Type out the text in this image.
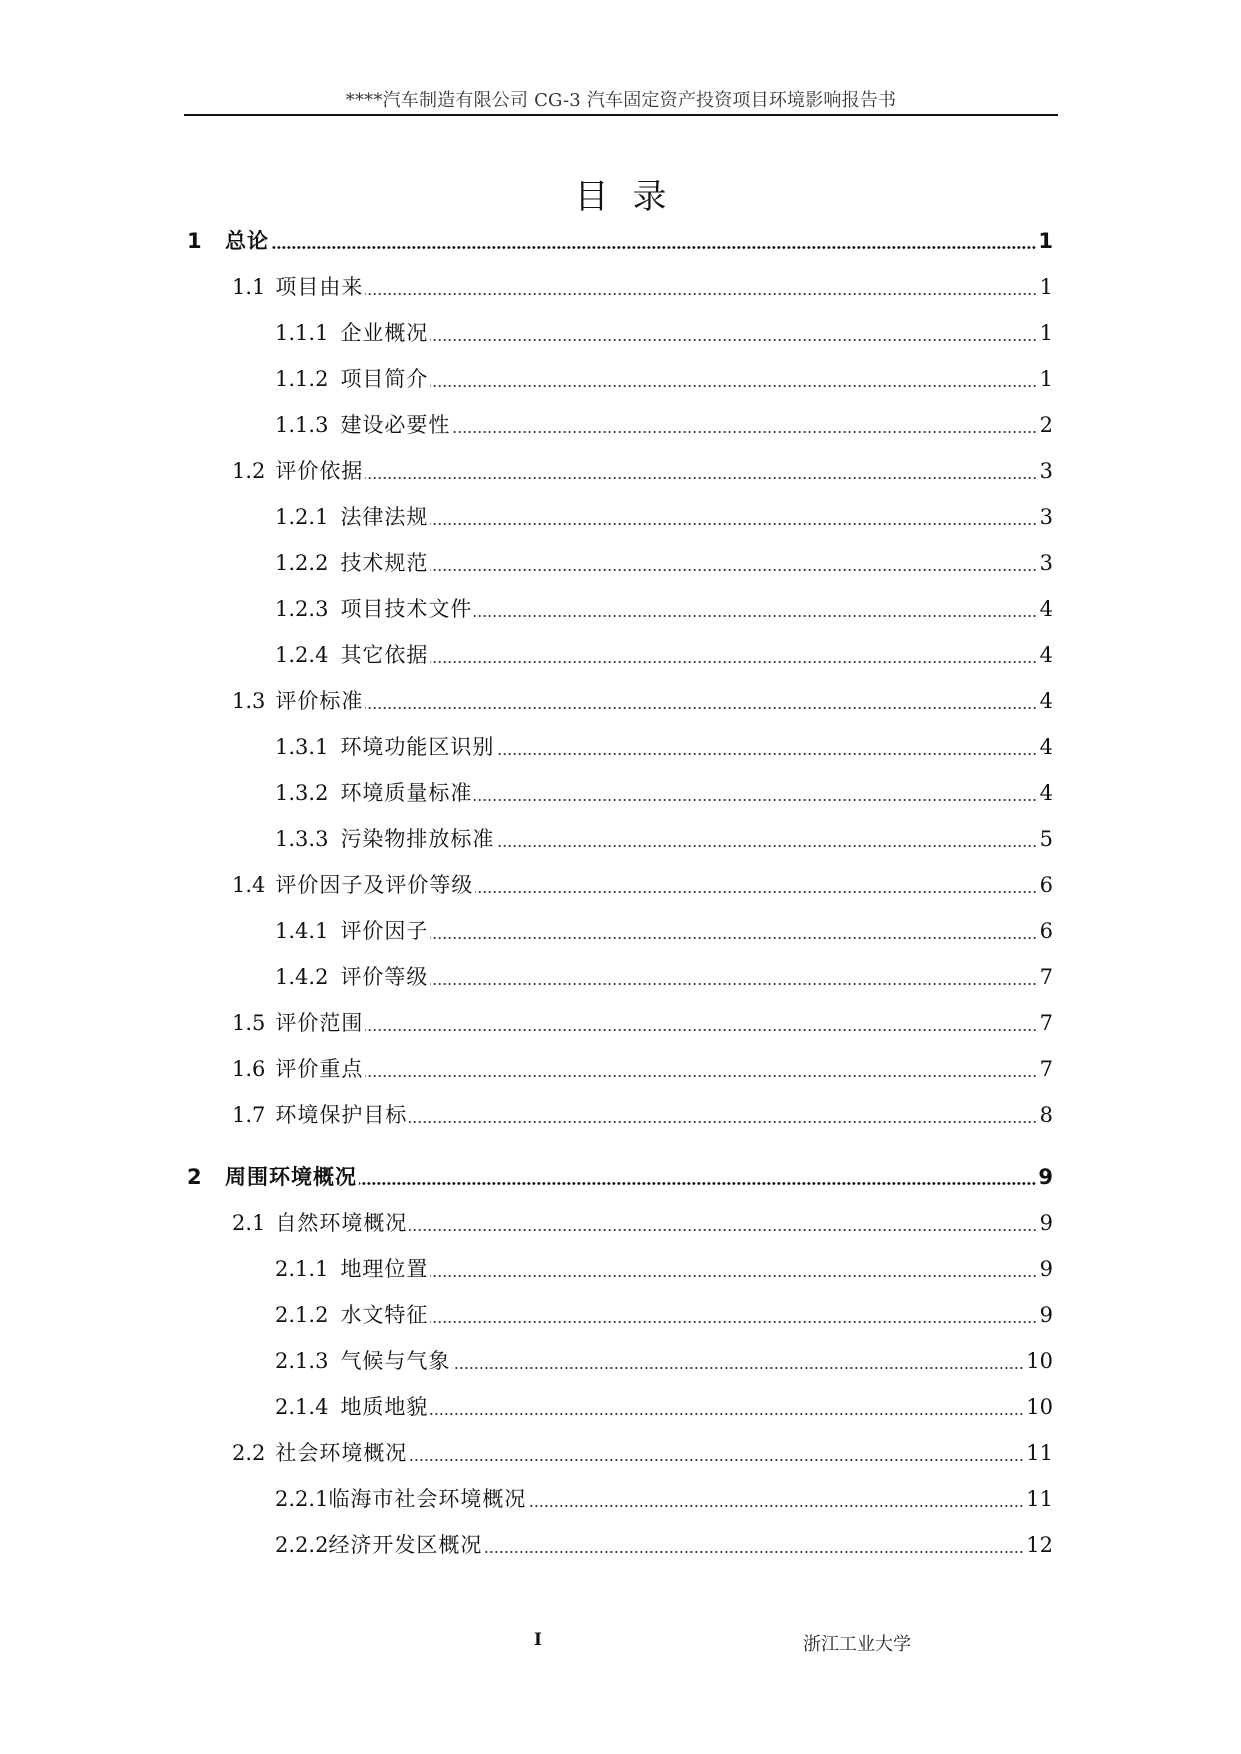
****汽车制造有限公司 CG-3 汽车固定资产投资项目环境影响报告书
目录
1	总论	1
1.1 项目由来	1
1.1.1 企业概况	1
1.1.2 项目简介	1
1.1.3 建设必要性	2
1.2 评价依据	3
1.2.1 法律法规	3
1.2.2 技术规范	3
1.2.3 项目技术文件	4
1.2.4 其它依据	4
1.3 评价标准	4
1.3.1 环境功能区识别	4
1.3.2 环境质量标准	4
1.3.3 污染物排放标准	5
1.4 评价因子及评价等级	6
1.4.1 评价因子	6
1.4.2 评价等级	7
1.5 评价范围	7
1.6 评价重点	7
1.7 环境保护目标	8
2	周围环境概况	9
2.1 自然环境概况	9
2.1.1 地理位置	9
2.1.2 水文特征	9
2.1.3 气候与气象	10
2.1.4 地质地貌	10
2.2 社会环境概况	11
2.2.1 临海市社会环境概况	11
2.2.2 经济开发区概况	12
I	浙江工业大学
